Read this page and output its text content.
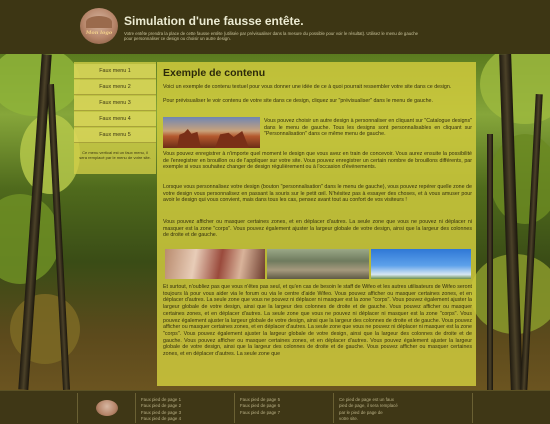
Mon logo
Simulation d'une fausse entête.
Votre entête prendra la place de cette fausse entête (utilisée par prévisualiser dans la mesure du possible pour voir le résultat). Utilisez le menu de gauche pour personnaliser ce design ou choisir un autre design.
Faux menu 1
Faux menu 2
Faux menu 3
Faux menu 4
Faux menu 5
Ce menu vertical est un faux menu, il sera remplacé par le menu de votre site.
Exemple de contenu
Voici un exemple de contenu textuel pour vous donner une idée de ce à quoi pourrait ressembler votre site dans ce design.
Pour prévisualiser le voir contenu de votre site dans ce design, cliquez sur "prévisualiser" dans le menu de gauche.
Vous pouvez choisir un autre design à personnaliser en cliquant sur "Catalogue designs" dans le menu de gauche. Tous les designs sont personnalisables en cliquant sur "Personnalisation" dans ce même menu de gauche.
Vous pouvez enregistrer à n'importe quel moment le design que vous avez en train de concevoir. Vous aurez ensuite la possibilité de l'enregistrer en brouillon ou de l'appliquer sur votre site. Vous pouvez enregistrer un certain nombre de brouillons différents, par exemple si vous souhaitez changer de design régulièrement ou à l'occasion d'événements.
Lorsque vous personnalisez votre design (bouton "personnalisation" dans le menu de gauche), vous pouvez repérer quelle zone de votre design vous personnalisez en passant la souris sur le petit œil. N'hésitez pas à essayer des choses, et à vous amuser pour avoir le design qui vous convient, mais dans tous les cas, pensez avant tout au confort de vos visiteurs !
Vous pouvez afficher ou masquer certaines zones, et en déplacer d'autres. La seule zone que vous ne pouvez ni déplacer ni masquer est la zone "corps". Vous pouvez également ajuster la largeur globale de votre design, ainsi que la largeur des colonnes de droite et de gauche.
Et surtout, n'oubliez pas que vous n'êtes pas seul, et qu'en cas de besoin le staff de Wifeo et les autres utilisateurs de Wifeo seront toujours là pour vous aider via le forum ou via le centre d'aide Wifeo. Vous pouvez afficher ou masquer certaines zones, et en déplacer d'autres. La seule zone que vous ne pouvez ni déplacer ni masquer est la zone "corps". Vous pouvez également ajuster la largeur globale de votre design, ainsi que la largeur des colonnes de droite et de gauche. Vous pouvez afficher ou masquer certaines zones, et en déplacer d'autres. La seule zone que vous ne pouvez ni déplacer ni masquer est la zone "corps". Vous pouvez également ajuster la largeur globale de votre design, ainsi que la largeur des colonnes de droite et de gauche. Vous pouvez afficher ou masquer certaines zones, et en déplacer d'autres. La seule zone que vous ne pouvez ni déplacer ni masquer est la zone "corps". Vous pouvez également ajuster la largeur globale de votre design, ainsi que la largeur des colonnes de droite et de gauche. Vous pouvez afficher ou masquer certaines zones, et en déplacer d'autres. Vous pouvez également ajuster la largeur globale de votre design, ainsi que la largeur des colonnes de droite et de gauche. Vous pouvez afficher ou masquer certaines zones, et en déplacer d'autres. La seule zone que
Faux pied de page 1
Faux pied de page 2
Faux pied de page 3
Faux pied de page 4
Faux pied de page 5
Faux pied de page 6
Faux pied de page 7
Ce pied de page est un faux
pied de page, il sera remplacé
par le pied de page de
votre site.
